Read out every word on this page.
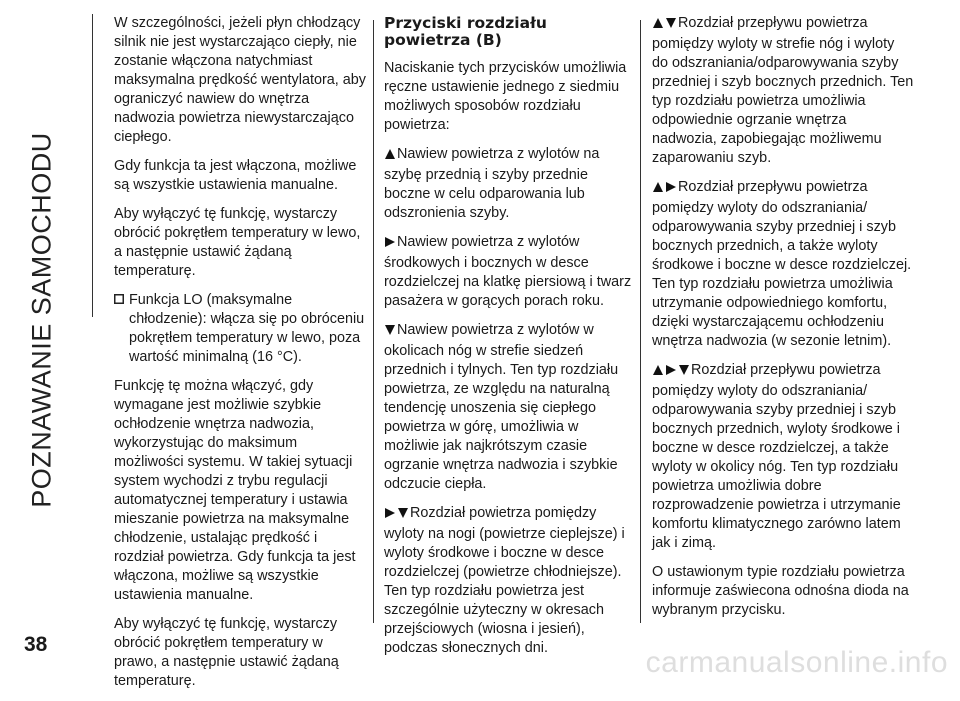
POZNAWANIE SAMOCHODU
38

W szczególności, jeżeli płyn chłodzący silnik nie jest wystarczająco ciepły, nie zostanie włączona natychmiast maksymalna prędkość wentylatora, aby ograniczyć nawiew do wnętrza nadwozia powietrza niewystarczająco ciepłego.

Gdy funkcja ta jest włączona, możliwe są wszystkie ustawienia manualne.

Aby wyłączyć tę funkcję, wystarczy obrócić pokrętłem temperatury w lewo, a następnie ustawić żądaną temperaturę.

Funkcja LO (maksymalne chłodzenie): włącza się po obróceniu pokrętłem temperatury w lewo, poza wartość minimalną (16 °C).

Funkcję tę można włączyć, gdy wymagane jest możliwie szybkie ochłodzenie wnętrza nadwozia, wykorzystując do maksimum możliwości systemu. W takiej sytuacji system wychodzi z trybu regulacji automatycznej temperatury i ustawia mieszanie powietrza na maksymalne chłodzenie, ustalając prędkość i rozdział powietrza. Gdy funkcja ta jest włączona, możliwe są wszystkie ustawienia manualne.

Aby wyłączyć tę funkcję, wystarczy obrócić pokrętłem temperatury w prawo, a następnie ustawić żądaną temperaturę.

Przyciski rozdziału powietrza (B)

Naciskanie tych przycisków umożliwia ręczne ustawienie jednego z siedmiu możliwych sposobów rozdziału powietrza:

Nawiew powietrza z wylotów na szybę przednią i szyby przednie boczne w celu odparowania lub odszronienia szyby.

Nawiew powietrza z wylotów środkowych i bocznych w desce rozdzielczej na klatkę piersiową i twarz pasażera w gorących porach roku.

Nawiew powietrza z wylotów w okolicach nóg w strefie siedzeń przednich i tylnych. Ten typ rozdziału powietrza, ze względu na naturalną tendencję unoszenia się ciepłego powietrza w górę, umożliwia w możliwie jak najkrótszym czasie ogrzanie wnętrza nadwozia i szybkie odczucie ciepła.

Rozdział powietrza pomiędzy wyloty na nogi (powietrze cieplejsze) i wyloty środkowe i boczne w desce rozdzielczej (powietrze chłodniejsze). Ten typ rozdziału powietrza jest szczególnie użyteczny w okresach przejściowych (wiosna i jesień), podczas słonecznych dni.

Rozdział przepływu powietrza pomiędzy wyloty w strefie nóg i wyloty do odszraniania/odparowywania szyby przedniej i szyb bocznych przednich. Ten typ rozdziału powietrza umożliwia odpowiednie ogrzanie wnętrza nadwozia, zapobiegając możliwemu zaparowaniu szyb.

Rozdział przepływu powietrza pomiędzy wyloty do odszraniania/ odparowywania szyby przedniej i szyb bocznych przednich, a także wyloty środkowe i boczne w desce rozdzielczej. Ten typ rozdziału powietrza umożliwia utrzymanie odpowiedniego komfortu, dzięki wystarczającemu ochłodzeniu wnętrza nadwozia (w sezonie letnim).

Rozdział przepływu powietrza pomiędzy wyloty do odszraniania/ odparowywania szyby przedniej i szyb bocznych przednich, wyloty środkowe i boczne w desce rozdzielczej, a także wyloty w okolicy nóg. Ten typ rozdziału powietrza umożliwia dobre rozprowadzenie powietrza i utrzymanie komfortu klimatycznego zarówno latem jak i zimą.

O ustawionym typie rozdziału powietrza informuje zaświecona odnośna dioda na wybranym przycisku.

carmanualsonline.info
